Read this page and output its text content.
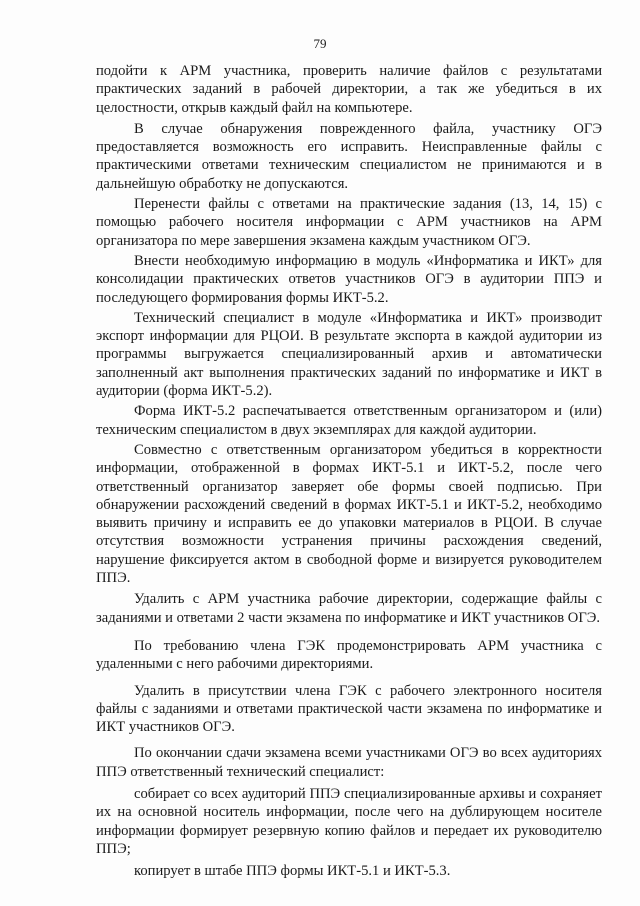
79

подойти к АРМ участника, проверить наличие файлов с результатами практических заданий в рабочей директории, а так же убедиться в их целостности, открыв каждый файл на компьютере.

В случае обнаружения поврежденного файла, участнику ОГЭ предоставляется возможность его исправить. Неисправленные файлы с практическими ответами техническим специалистом не принимаются и в дальнейшую обработку не допускаются.

Перенести файлы с ответами на практические задания (13, 14, 15) с помощью рабочего носителя информации с АРМ участников на АРМ организатора по мере завершения экзамена каждым участником ОГЭ.

Внести необходимую информацию в модуль «Информатика и ИКТ» для консолидации практических ответов участников ОГЭ в аудитории ППЭ и последующего формирования формы ИКТ-5.2.

Технический специалист в модуле «Информатика и ИКТ» производит экспорт информации для РЦОИ. В результате экспорта в каждой аудитории из программы выгружается специализированный архив и автоматически заполненный акт выполнения практических заданий по информатике и ИКТ в аудитории (форма ИКТ-5.2).

Форма ИКТ-5.2 распечатывается ответственным организатором и (или) техническим специалистом в двух экземплярах для каждой аудитории.

Совместно с ответственным организатором убедиться в корректности информации, отображенной в формах ИКТ-5.1 и ИКТ-5.2, после чего ответственный организатор заверяет обе формы своей подписью. При обнаружении расхождений сведений в формах ИКТ-5.1 и ИКТ-5.2, необходимо выявить причину и исправить ее до упаковки материалов в РЦОИ. В случае отсутствия возможности устранения причины расхождения сведений, нарушение фиксируется актом в свободной форме и визируется руководителем ППЭ.

Удалить с АРМ участника рабочие директории, содержащие файлы с заданиями и ответами 2 части экзамена по информатике и ИКТ участников ОГЭ.

По требованию члена ГЭК продемонстрировать АРМ участника с удаленными с него рабочими директориями.

Удалить в присутствии члена ГЭК с рабочего электронного носителя файлы с заданиями и ответами практической части экзамена по информатике и ИКТ участников ОГЭ.

По окончании сдачи экзамена всеми участниками ОГЭ во всех аудиториях ППЭ ответственный технический специалист:

собирает со всех аудиторий ППЭ специализированные архивы и сохраняет их на основной носитель информации, после чего на дублирующем носителе информации формирует резервную копию файлов и передает их руководителю ППЭ;

копирует в штабе ППЭ формы ИКТ-5.1 и ИКТ-5.3.
